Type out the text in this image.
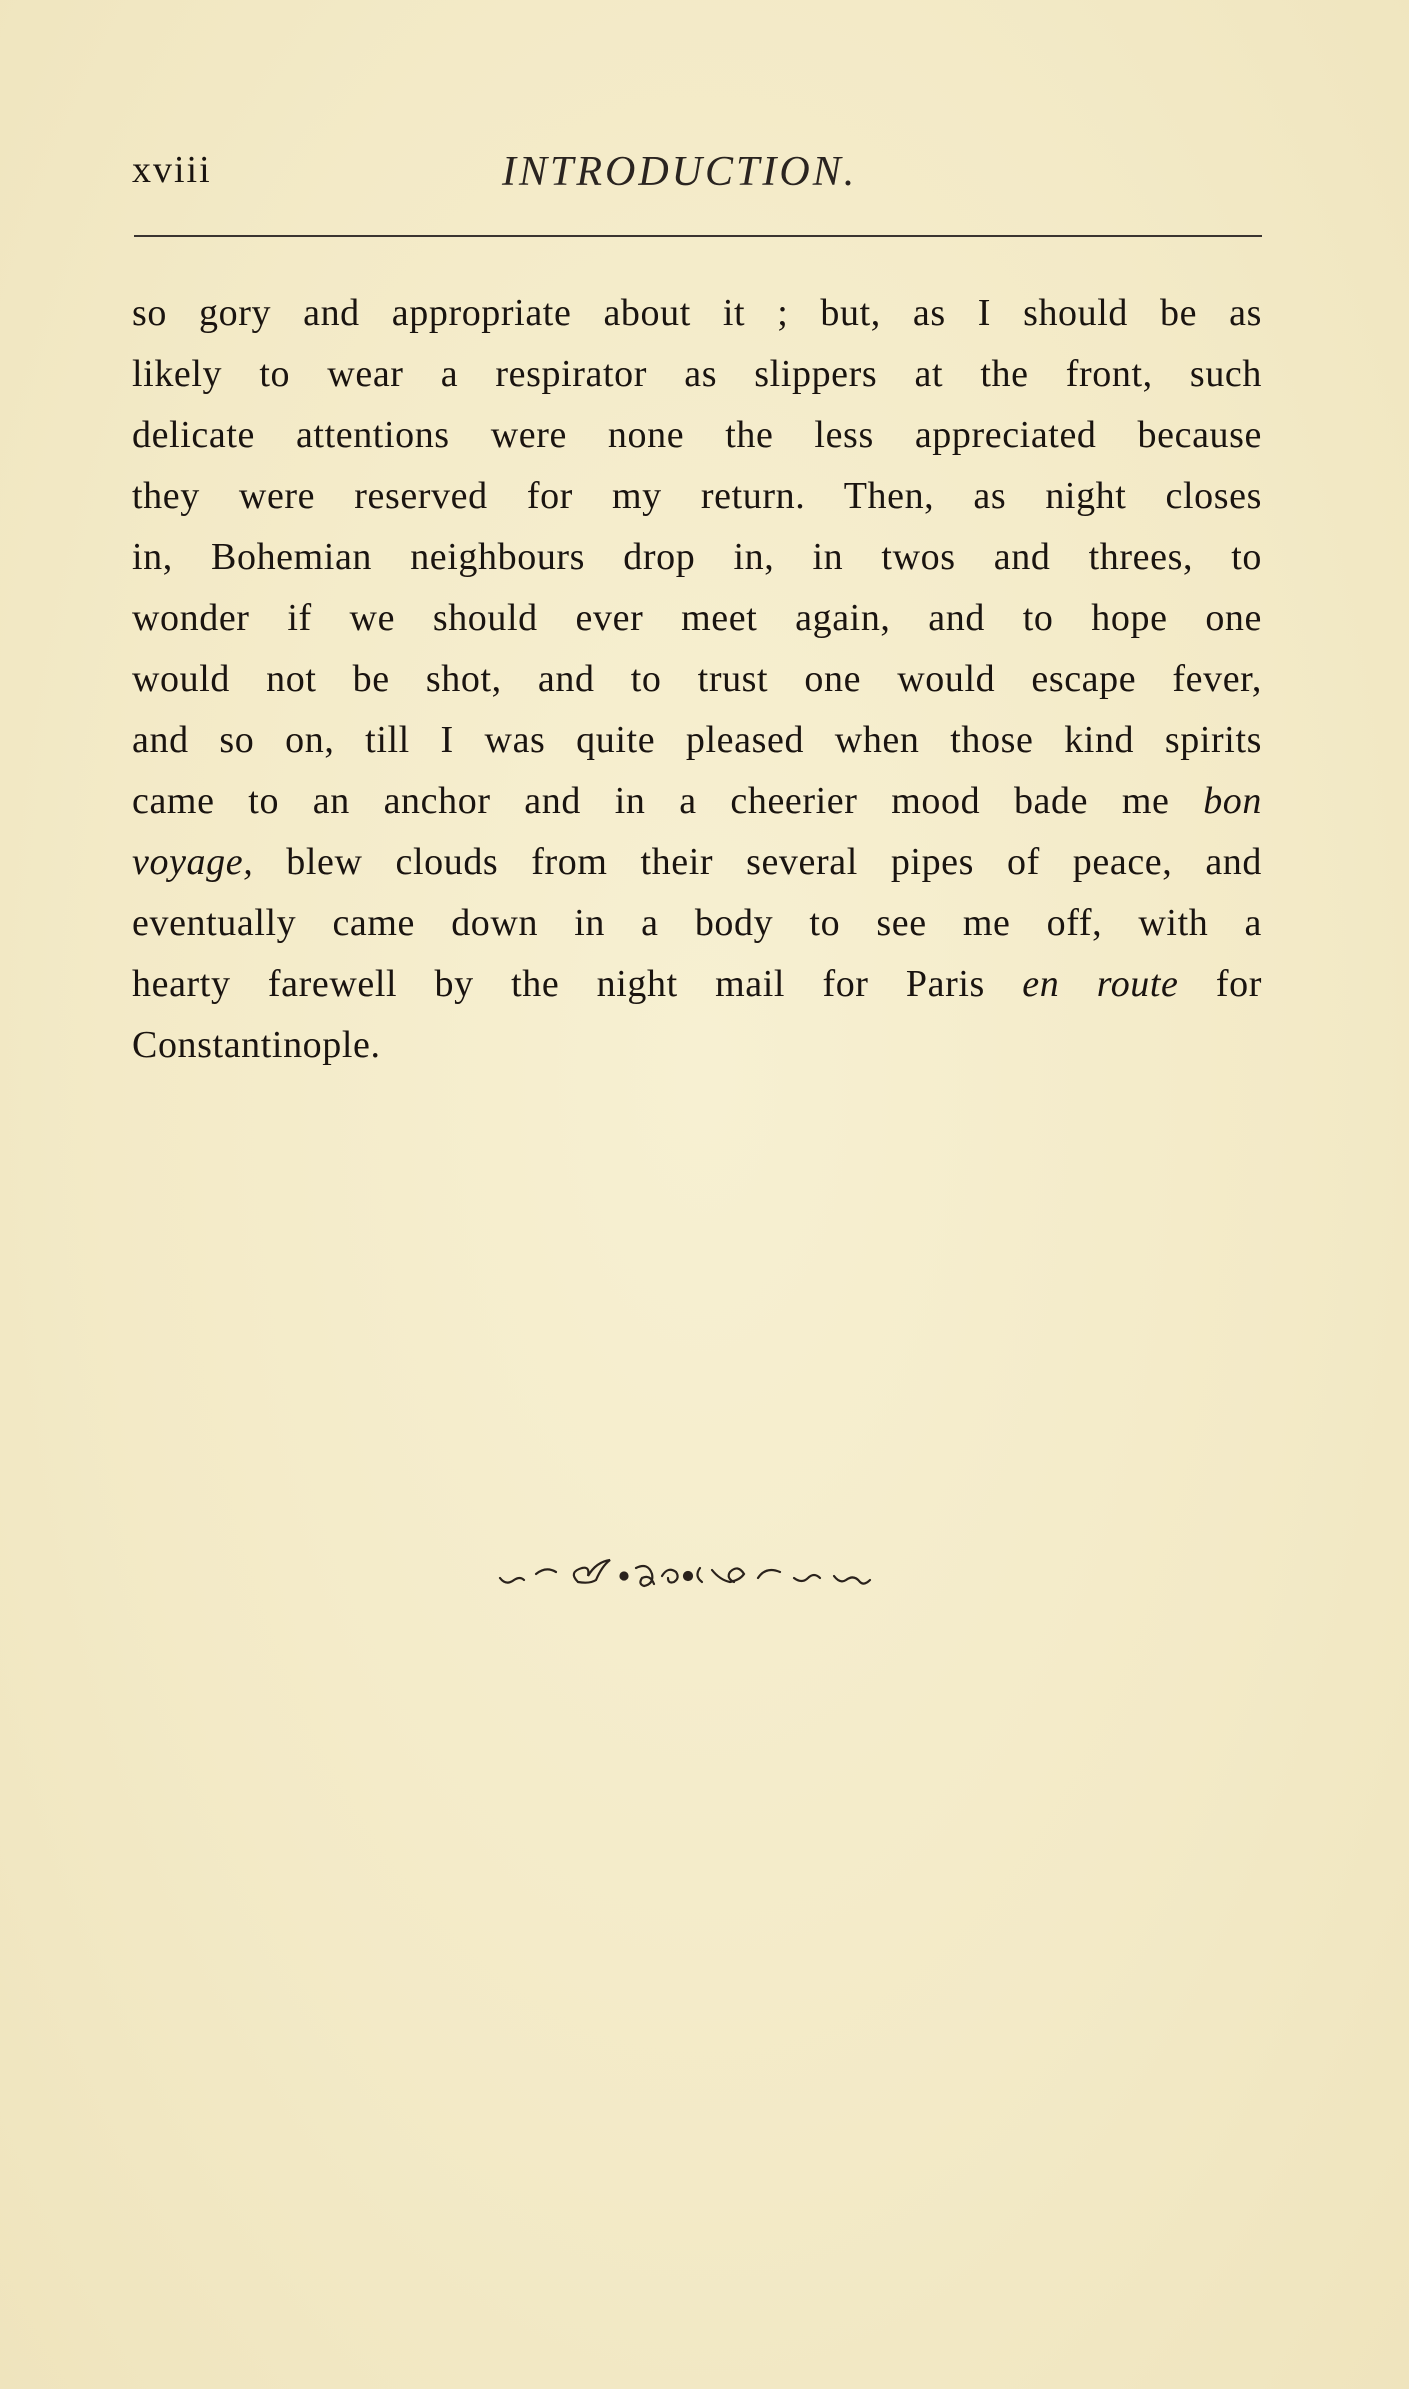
xviii	INTRODUCTION.
so gory and appropriate about it ; but, as I should be as
likely to wear a respirator as slippers at the front, such
delicate attentions were none the less appreciated because
they were reserved for my return. Then, as night closes
in, Bohemian neighbours drop in, in twos and threes, to
wonder if we should ever meet again, and to hope one
would not be shot, and to trust one would escape fever,
and so on, till I was quite pleased when those kind spirits
came to an anchor and in a cheerier mood bade me bon
voyage, blew clouds from their several pipes of peace, and
eventually came down in a body to see me off, with a
hearty farewell by the night mail for Paris en route for
Constantinople.
